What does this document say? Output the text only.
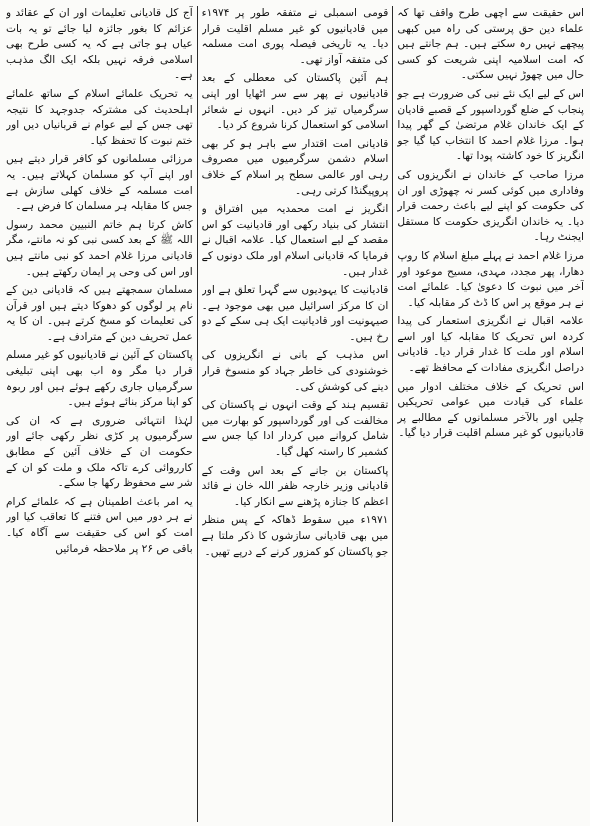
اس حقیقت سے اچھی طرح واقف تھا کہ علماء دین حق پرستی کی راہ میں کبھی پیچھے نہیں رہ سکتے ہیں۔ ہم جانتے ہیں کہ امت اسلامیہ اپنی شریعت کو کسی حال میں چھوڑ نہیں سکتی۔

اس کے لیے ایک نئے نبی کی ضرورت ہے جو پنجاب کے ضلع گورداسپور کے قصبے قادیان کے ایک خاندان غلام مرتضیٰ کے گھر پیدا ہوا۔ مرزا غلام احمد کا انتخاب کیا گیا جو انگریز کا خود کاشتہ پودا تھا۔

مرزا صاحب کے خاندان نے انگریزوں کی وفاداری میں کوئی کسر نہ چھوڑی اور ان کی حکومت کو اپنے لیے باعث رحمت قرار دیا۔ یہ خاندان انگریزی حکومت کا مستقل ایجنٹ رہا۔

مرزا غلام احمد نے پہلے مبلغ اسلام کا روپ دھارا، پھر مجدد، مہدی، مسیح موعود اور آخر میں نبوت کا دعویٰ کیا۔ علمائے امت نے ہر موقع پر اس کا ڈٹ کر مقابلہ کیا۔

علامہ اقبال نے انگریزی استعمار کی پیدا کردہ اس تحریک کا مقابلہ کیا اور اسے اسلام اور ملت کا غدار قرار دیا۔ قادیانی دراصل انگریزی مفادات کے محافظ تھے۔

اس تحریک کے خلاف مختلف ادوار میں علماء کی قیادت میں عوامی تحریکیں چلیں اور بالآخر مسلمانوں کے مطالبے پر قادیانیوں کو غیر مسلم اقلیت قرار دیا گیا۔

قومی اسمبلی نے متفقہ طور پر ۱۹۷۴ء میں قادیانیوں کو غیر مسلم اقلیت قرار دیا۔ یہ تاریخی فیصلہ پوری امت مسلمہ کی متفقہ آواز تھی۔

ہم آئین پاکستان کی معطلی کے بعد قادیانیوں نے پھر سے سر اٹھایا اور اپنی سرگرمیاں تیز کر دیں۔ انہوں نے شعائر اسلامی کو استعمال کرنا شروع کر دیا۔

قادیانی امت اقتدار سے باہر ہو کر بھی اسلام دشمن سرگرمیوں میں مصروف رہی اور عالمی سطح پر اسلام کے خلاف پروپیگنڈا کرتی رہی۔

انگریز نے امت محمدیہ میں افتراق و انتشار کی بنیاد رکھی اور قادیانیت کو اس مقصد کے لیے استعمال کیا۔ علامہ اقبال نے فرمایا کہ قادیانی اسلام اور ملک دونوں کے غدار ہیں۔

قادیانیت کا یہودیوں سے گہرا تعلق ہے اور ان کا مرکز اسرائیل میں بھی موجود ہے۔ صیہونیت اور قادیانیت ایک ہی سکے کے دو رخ ہیں۔

اس مذہب کے بانی نے انگریزوں کی خوشنودی کی خاطر جہاد کو منسوخ قرار دینے کی کوشش کی۔

تقسیم ہند کے وقت انہوں نے پاکستان کی مخالفت کی اور گورداسپور کو بھارت میں شامل کروانے میں کردار ادا کیا جس سے کشمیر کا راستہ کھل گیا۔

پاکستان بن جانے کے بعد اس وقت کے قادیانی وزیر خارجہ ظفر اللہ خان نے قائد اعظم کا جنازہ پڑھنے سے انکار کیا۔

۱۹۷۱ء میں سقوط ڈھاکہ کے پس منظر میں بھی قادیانی سازشوں کا ذکر ملتا ہے جو پاکستان کو کمزور کرنے کے درپے تھیں۔

آج کل قادیانی تعلیمات اور ان کے عقائد و عزائم کا بغور جائزہ لیا جائے تو یہ بات عیاں ہو جاتی ہے کہ یہ کسی طرح بھی اسلامی فرقہ نہیں بلکہ ایک الگ مذہب ہے۔

یہ تحریک علمائے اسلام کے ساتھ علمائے اہلحدیث کی مشترکہ جدوجہد کا نتیجہ تھی جس کے لیے عوام نے قربانیاں دیں اور ختم نبوت کا تحفظ کیا۔

مرزائی مسلمانوں کو کافر قرار دیتے ہیں اور اپنے آپ کو مسلمان کہلاتے ہیں۔ یہ امت مسلمہ کے خلاف کھلی سازش ہے جس کا مقابلہ ہر مسلمان کا فرض ہے۔

کاش کرتا ہم خاتم النبیین محمد رسول اللہ ﷺ کے بعد کسی نبی کو نہ مانتے، مگر قادیانی مرزا غلام احمد کو نبی مانتے ہیں اور اس کی وحی پر ایمان رکھتے ہیں۔

مسلمان سمجھتے ہیں کہ قادیانی دین کے نام پر لوگوں کو دھوکا دیتے ہیں اور قرآن کی تعلیمات کو مسخ کرتے ہیں۔ ان کا یہ عمل تحریف دین کے مترادف ہے۔

پاکستان کے آئین نے قادیانیوں کو غیر مسلم قرار دیا مگر وہ اب بھی اپنی تبلیغی سرگرمیاں جاری رکھے ہوئے ہیں اور ربوہ کو اپنا مرکز بنائے ہوئے ہیں۔

لہٰذا انتہائی ضروری ہے کہ ان کی سرگرمیوں پر کڑی نظر رکھی جائے اور حکومت ان کے خلاف آئین کے مطابق کارروائی کرے تاکہ ملک و ملت کو ان کے شر سے محفوظ رکھا جا سکے۔

یہ امر باعث اطمینان ہے کہ علمائے کرام نے ہر دور میں اس فتنے کا تعاقب کیا اور امت کو اس کی حقیقت سے آگاہ کیا۔ باقی ص ۲۶ پر ملاحظہ فرمائیں
